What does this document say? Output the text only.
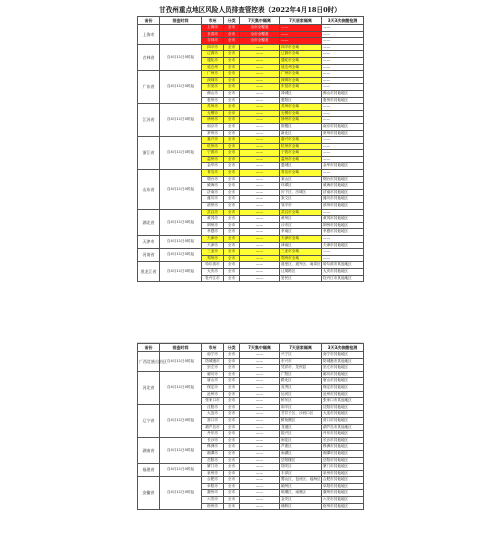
甘孜州重点地区风险人员排查管控表（2022年4月18日0时）
省份	排查时间	市州	分类	7天集中隔离	7天居家隔离	3天3次核酸检测
上海市		上海市	全市	全市全覆盖	——	——
		长春市	全市	全市全覆盖	——	——
		吉林市	全市	全市全覆盖	——	——
吉林省	自4月11日0时起	四平市	全市	——	四平市全域	——
		辽源市	全市	——	辽源市全域	——
		通化市	全市	——	通化市全域	——
		延边州	全市	——	延边州全域	——
广东省	自4月11日0时起	广州市	全市	——	广州市全域	——
		深圳市	全市	——	深圳市全域	——
		东莞市	全市	——	东莞市全域	——
		佛山市	全市	——	禅城区	佛山市其他地区
		惠州市	全市	——	惠阳区	惠州市其他地区
江苏省	自4月11日0时起	苏州市	全市	——	苏州市全域	——
		无锡市	全市	——	无锡市全域	——
		徐州市	全市	——	徐州市全域	——
		南京市	全市	——	鼓楼区	南京市其他地区
		常州市	全市	——	新北区	常州市其他地区
浙江省	自4月11日0时起	嘉兴市	全市	——	嘉兴市全域	——
		杭州市	全市	——	杭州市全域	——
		宁波市	全市	——	宁波市全域	——
		温州市	全市	——	温州市全域	——
		金华市	全市	——	婺城区	金华市其他地区
山东省	自4月11日0时起	青岛市	全市	——	青岛市全域	——
		烟台市	全市	——	莱山区	烟台市其他地区
		威海市	全市	——	环翠区	威海市其他地区
		济南市	全市	——	历下区、历城区	济南市其他地区
		潍坊市	全市	——	奎文区	潍坊市其他地区
		滨州市	全市	——	邹平市	滨州市其他地区
湖北省	自4月11日0时起	武汉市	全市	——	武汉市全域	——
		黄冈市	全市	——	黄州区	黄冈市其他地区
		荆州市	全市	——	沙市区	荆州市其他地区
		孝感市	全市	——	孝南区	孝感市其他地区
天津市	自4月11日0时起	天津市	全市	——	天津市全域	——
		天津市	全市	——	津南区	天津市其他地区
河南省	自4月11日0时起	三亚市	全市	——	三亚市全域	——
		郑州市	全市	——	郑州市全域	——
黑龙江省	自4月11日0时起	哈尔滨市	全市	——	道里区、道外区、南岗区	哈尔滨市其他地区
		大庆市	全市	——	让胡路区	大庆市其他地区
		牡丹江市	全市	——	爱民区	牡丹江市其他地区
省份	排查时间	市州	分类	7天集中隔离	7天居家隔离	3天3次核酸检测
广西壮族自治区	自4月11日0时起	南宁市	全市	——	兴宁区	南宁市其他地区
		防城港市	全市	——	东兴市	防城港市其他地区
		崇左市	全市	——	凭祥市、龙州县	崇左市其他地区
河北省	自4月11日0时起	廊坊市	全市	——	广阳区	廊坊市其他地区
		唐山市	全市	——	路北区	唐山市其他地区
		保定市	全市	——	竞秀区	保定市其他地区
		沧州市	全市	——	运河区	沧州市其他地区
		张家口市	全市	——	桥东区	张家口市其他地区
辽宁省	自4月11日0时起	沈阳市	全市	——	和平区	沈阳市其他地区
		大连市	全市	——	甘井子区、沙河口区	大连市其他地区
		营口市	全市	——	鲅鱼圈区	营口市其他地区
		葫芦岛市	全市	——	龙港区	葫芦岛市其他地区
		丹东市	全市	——	振兴区	丹东市其他地区
湖南省	自4月11日0时起	长沙市	全市	——	雨花区	长沙市其他地区
		株洲市	全市	——	芦淞区	株洲市其他地区
		湘潭市	全市	——	雨湖区	湘潭市其他地区
		岳阳市	全市	——	岳阳楼区	岳阳市其他地区
福建省	自4月11日0时起	厦门市	全市	——	翔安区	厦门市其他地区
		泉州市	全市	——	丰泽区	泉州市其他地区
安徽省	自4月11日0时起	合肥市	全市	——	蜀山区、包河区、瑶海区	合肥市其他地区
		阜阳市	全市	——	颍州区	阜阳市其他地区
		滁州市	全市	——	琅琊区、南谯区	滁州市其他地区
		六安市	全市	——	金安区	六安市其他地区
		宿州市	全市	——	埇桥区	宿州市其他地区
